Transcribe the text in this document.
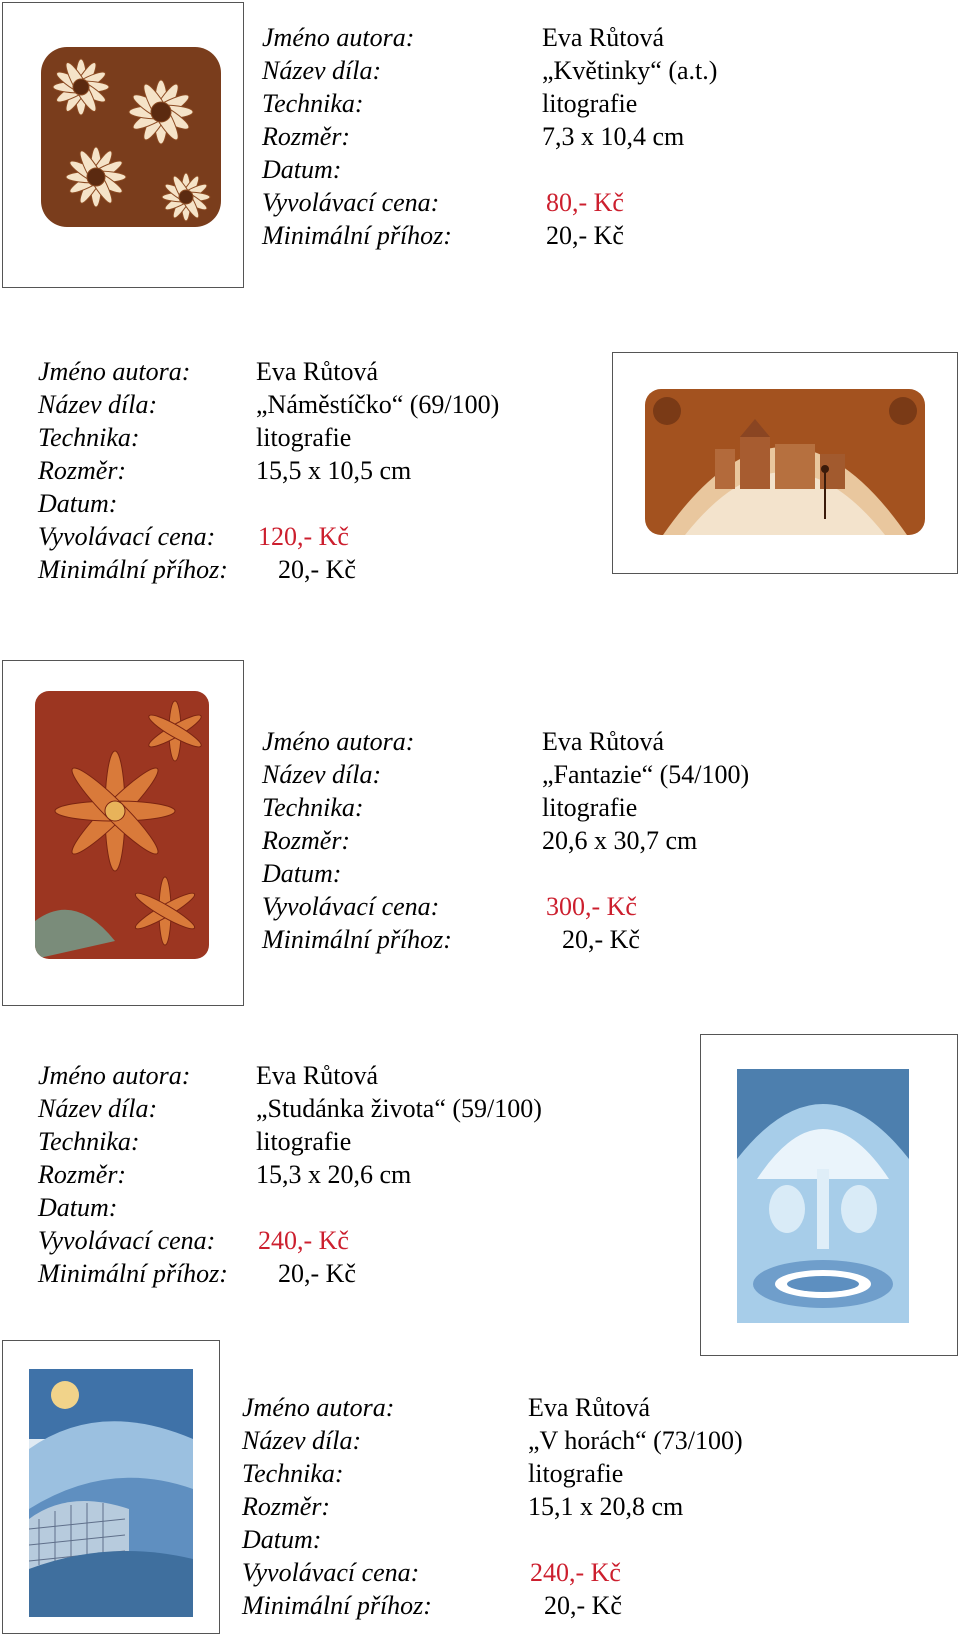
Jméno autora:
Název díla:
Technika:
Rozměr:
Datum:
Vyvolávací cena:
Minimální příhoz:
Eva Růtová
„Květinky“ (a.t.)
litografie
7,3 x 10,4 cm
80,- Kč
20,- Kč
Jméno autora:
Název díla:
Technika:
Rozměr:
Datum:
Vyvolávací cena:
Minimální příhoz:
Eva Růtová
„Náměstíčko“ (69/100)
litografie
15,5 x 10,5 cm
120,- Kč
20,- Kč
Jméno autora:
Název díla:
Technika:
Rozměr:
Datum:
Vyvolávací cena:
Minimální příhoz:
Eva Růtová
„Fantazie“ (54/100)
litografie
20,6 x 30,7 cm
300,- Kč
20,- Kč
Jméno autora:
Název díla:
Technika:
Rozměr:
Datum:
Vyvolávací cena:
Minimální příhoz:
Eva Růtová
„Studánka života“ (59/100)
litografie
15,3 x 20,6 cm
240,- Kč
20,- Kč
Jméno autora:
Název díla:
Technika:
Rozměr:
Datum:
Vyvolávací cena:
Minimální příhoz:
Eva Růtová
„V horách“ (73/100)
litografie
15,1 x 20,8 cm
240,- Kč
20,- Kč
